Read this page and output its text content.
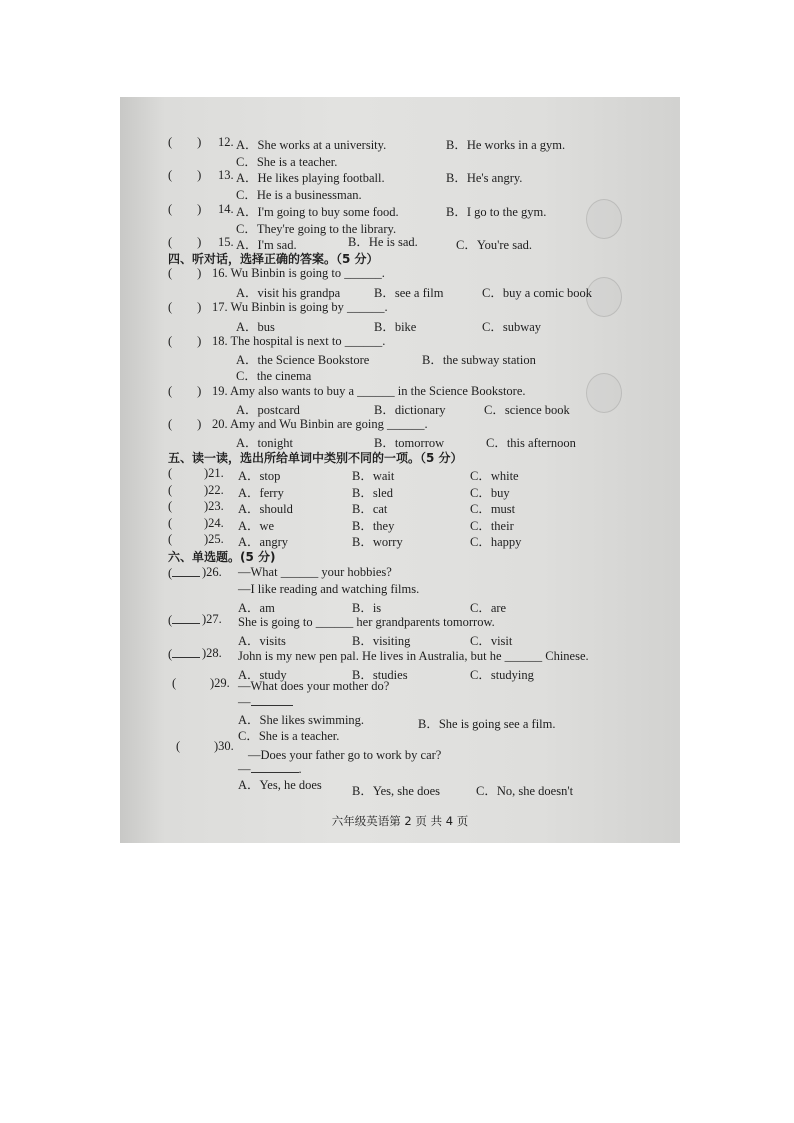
(        ) 12. A．She works at a university.	B．He works in a gym.
C．She is a teacher.
(        ) 13. A．He likes playing football.	B．He's angry.
C．He is a businessman.
(        ) 14. A．I'm going to buy some food.	B．I go to the gym.
C．They're going to the library.
(        ) 15. A．I'm sad.	B．He is sad.	C．You're sad.
四、听对话，选择正确的答案。（5 分）
(        ) 16. Wu Binbin is going to ______.
A．visit his grandpa	B．see a film	C．buy a comic book
(        ) 17. Wu Binbin is going by ______.
A．bus	B．bike	C．subway
(        ) 18. The hospital is next to ______.
A．the Science Bookstore	B．the subway station
C．the cinema
(        ) 19. Amy also wants to buy a ______ in the Science Bookstore.
A．postcard	B．dictionary	C．science book
(        ) 20. Amy and Wu Binbin are going ______.
A．tonight	B．tomorrow	C．this afternoon
五、读一读，选出所给单词中类别不同的一项。（5 分）
( )21. A．stop	B．wait	C．white
( )22. A．ferry	B．sled	C．buy
( )23. A．should	B．cat	C．must
( )24. A．we	B．they	C．their
( )25. A．angry	B．worry	C．happy
六、单选题。(5 分)
(	)26. —What ______ your hobbies?
—I like reading and watching films.
A．am	B．is	C．are
(	)27. She is going to ______ her grandparents tomorrow.
A．visits	B．visiting	C．visit
(	)28. John is my new pen pal. He lives in Australia, but he ______ Chinese.
A．study	B．studies	C．studying
(	)29. —What does your mother do?
—
A．She likes swimming.	B．She is going see a film.
C．She is a teacher.
(	)30.
—Does your father go to work by car?
—	.
A．Yes, he does B．Yes, she does	C．No, she doesn't
六年级英语第 2 页 共 4 页
